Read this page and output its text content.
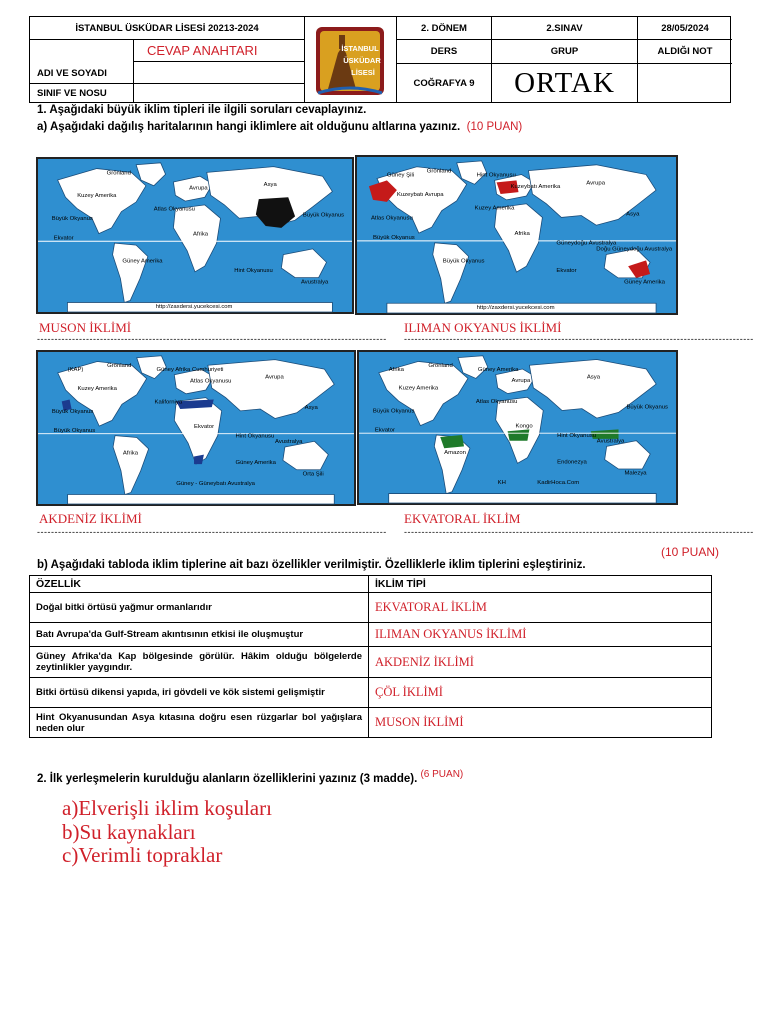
İSTANBUL ÜSKÜDAR LİSESİ 20213-2024
ADI VE SOYADI
CEVAP ANAHTARI
SINIF VE NOSU
İSTANBUL
ÜSKÜDAR
LİSESİ
2. DÖNEM	2.SINAV	28/05/2024
DERS	GRUP	ALDIĞI NOT
COĞRAFYA 9	ORTAK
1. Aşağıdaki büyük iklim tipleri ile ilgili soruları cevaplayınız.
a) Aşağıdaki dağılış haritalarının hangi iklimlere ait olduğunu altlarına yazınız. (10 PUAN)
Grönland
Kuzey Amerika
Atlas Okyanusu
Avrupa
Asya
Büyük Okyanus
Büyük Okyanus
Ekvator
Güney Amerika
Afrika
Hint Okyanusu
Avustralya
http://zaxdersi.yucekcesi.com
Grönland
Kuzeybatı Avrupa
Kuzey Amerika
Kuzeybatı Amerika
Avrupa
Asya
Atlas Okyanusu
Büyük Okyanus
Büyük Okyanus
Afrika
Ekvator
Güney Amerika
Hint Okyanusu
Güney Şili
Güneydoğu Avustralya
Doğu Güneydoğu Avustralya
http://zaxdersi.yucekcesi.com
Grönland
Kuzey Amerika
Kaliforniya
Atlas Okyanusu
Avrupa
Asya
Büyük Okyanus
Büyük Okyanus
Afrika
Ekvator
Güney Amerika
Orta Şili
Güney Afrika Cumhuriyeti
(KAP)
Hint Okyanusu
Avustralya
Güney - Güneybatı Avustralya
Grönland
Kuzey Amerika
Atlas Okyanusu
Avrupa
Asya
Büyük Okyanus
Büyük Okyanus
Ekvator
Amazon
Kongo
Endonezya
Malezya
Güney Amerika
Afrika
Hint Okyanusu
Avustralya
KH	KadirHoca.Com
MUSON İKLİMİ
----------------------------------------------------------------------------------------------------
ILIMAN OKYANUS İKLİMİ
----------------------------------------------------------------------------------------------------
AKDENİZ İKLİMİ
----------------------------------------------------------------------------------------------------
EKVATORAL İKLİM
----------------------------------------------------------------------------------------------------
(10 PUAN)
b) Aşağıdaki tabloda iklim tiplerine ait bazı özellikler verilmiştir. Özelliklerle iklim tiplerini eşleştiriniz.
ÖZELLİK	İKLİM TİPİ
Doğal bitki örtüsü yağmur ormanlarıdır	EKVATORAL İKLİM
Batı Avrupa'da Gulf-Stream akıntısının etkisi ile oluşmuştur	ILIMAN OKYANUS İKLİMİ
Güney Afrika'da Kap bölgesinde görülür. Hâkim olduğu bölgelerde zeytinlikler yaygındır.	AKDENİZ İKLİMİ
Bitki örtüsü dikensi yapıda, iri gövdeli ve kök sistemi gelişmiştir	ÇÖL İKLİMİ
Hint Okyanusundan Asya kıtasına doğru esen rüzgarlar bol yağışlara neden olur	MUSON İKLİMİ
2. İlk yerleşmelerin kurulduğu alanların özelliklerini yazınız (3 madde). (6 PUAN)
a)Elverişli iklim koşuları
b)Su kaynakları
c)Verimli topraklar
